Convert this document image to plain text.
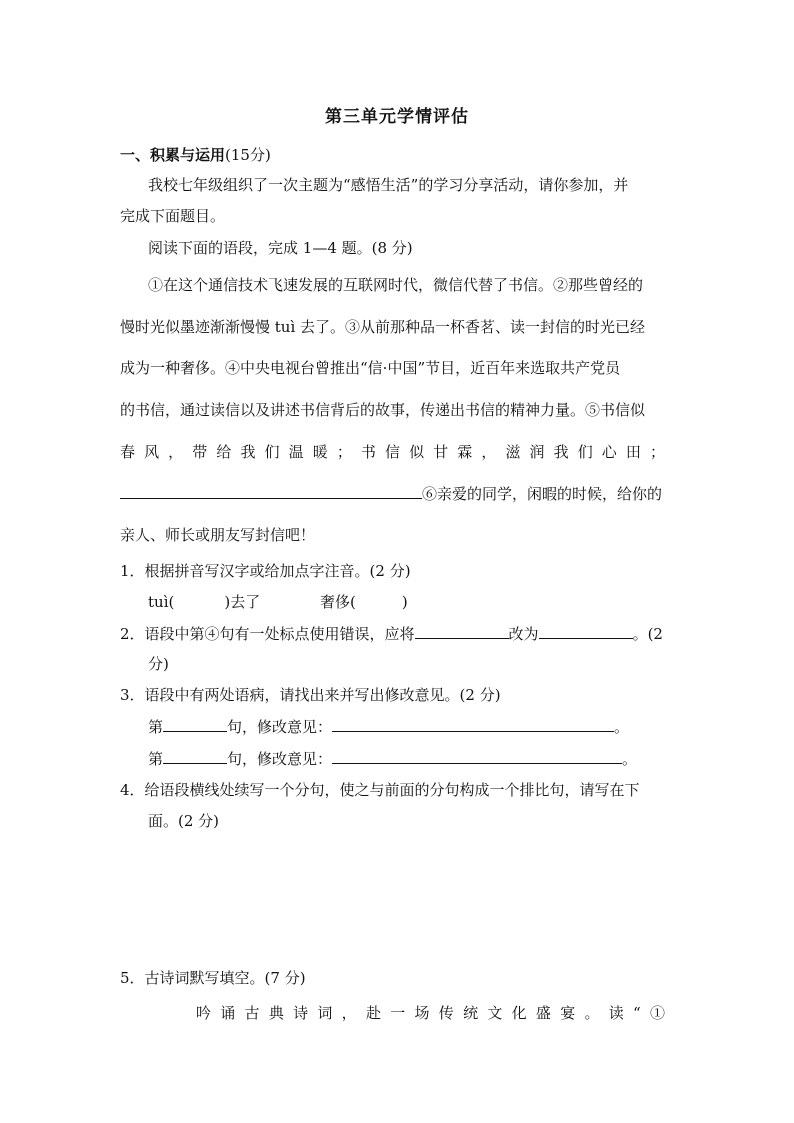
第三单元学情评估
一、积累与运用(15分)
我校七年级组织了一次主题为“感悟生活”的学习分享活动，请你参加，并
完成下面题目。
阅读下面的语段，完成 1—4 题。(8 分)
①在这个通信技术飞速发展的互联网时代，微信代替了书信。②那些曾经的
慢时光似墨迹渐渐慢慢 tuì 去了。③从前那种品一杯香茗、读一封信的时光已经
成为一种奢侈。④中央电视台曾推出“信·中国”节目，近百年来选取共产党员
的书信，通过读信以及讲述书信背后的故事，传递出书信的精神力量。⑤书信似
春风，带给我们温暖；书信似甘霖，滋润我们心田；
⑥亲爱的同学，闲暇的时候，给你的
亲人、师长或朋友写封信吧！
1．根据拼音写汉字或给加点字注音。(2 分)
tuì(	)去了	奢侈(	)
2．语段中第④句有一处标点使用错误，应将	改为	。(2
分)
3．语段中有两处语病，请找出来并写出修改意见。(2 分)
第	句，修改意见：	。
第	句，修改意见：	。
4．给语段横线处续写一个分句，使之与前面的分句构成一个排比句，请写在下
面。(2 分)
5．古诗词默写填空。(7 分)
吟诵古典诗词，赴一场传统文化盛宴。读“①
